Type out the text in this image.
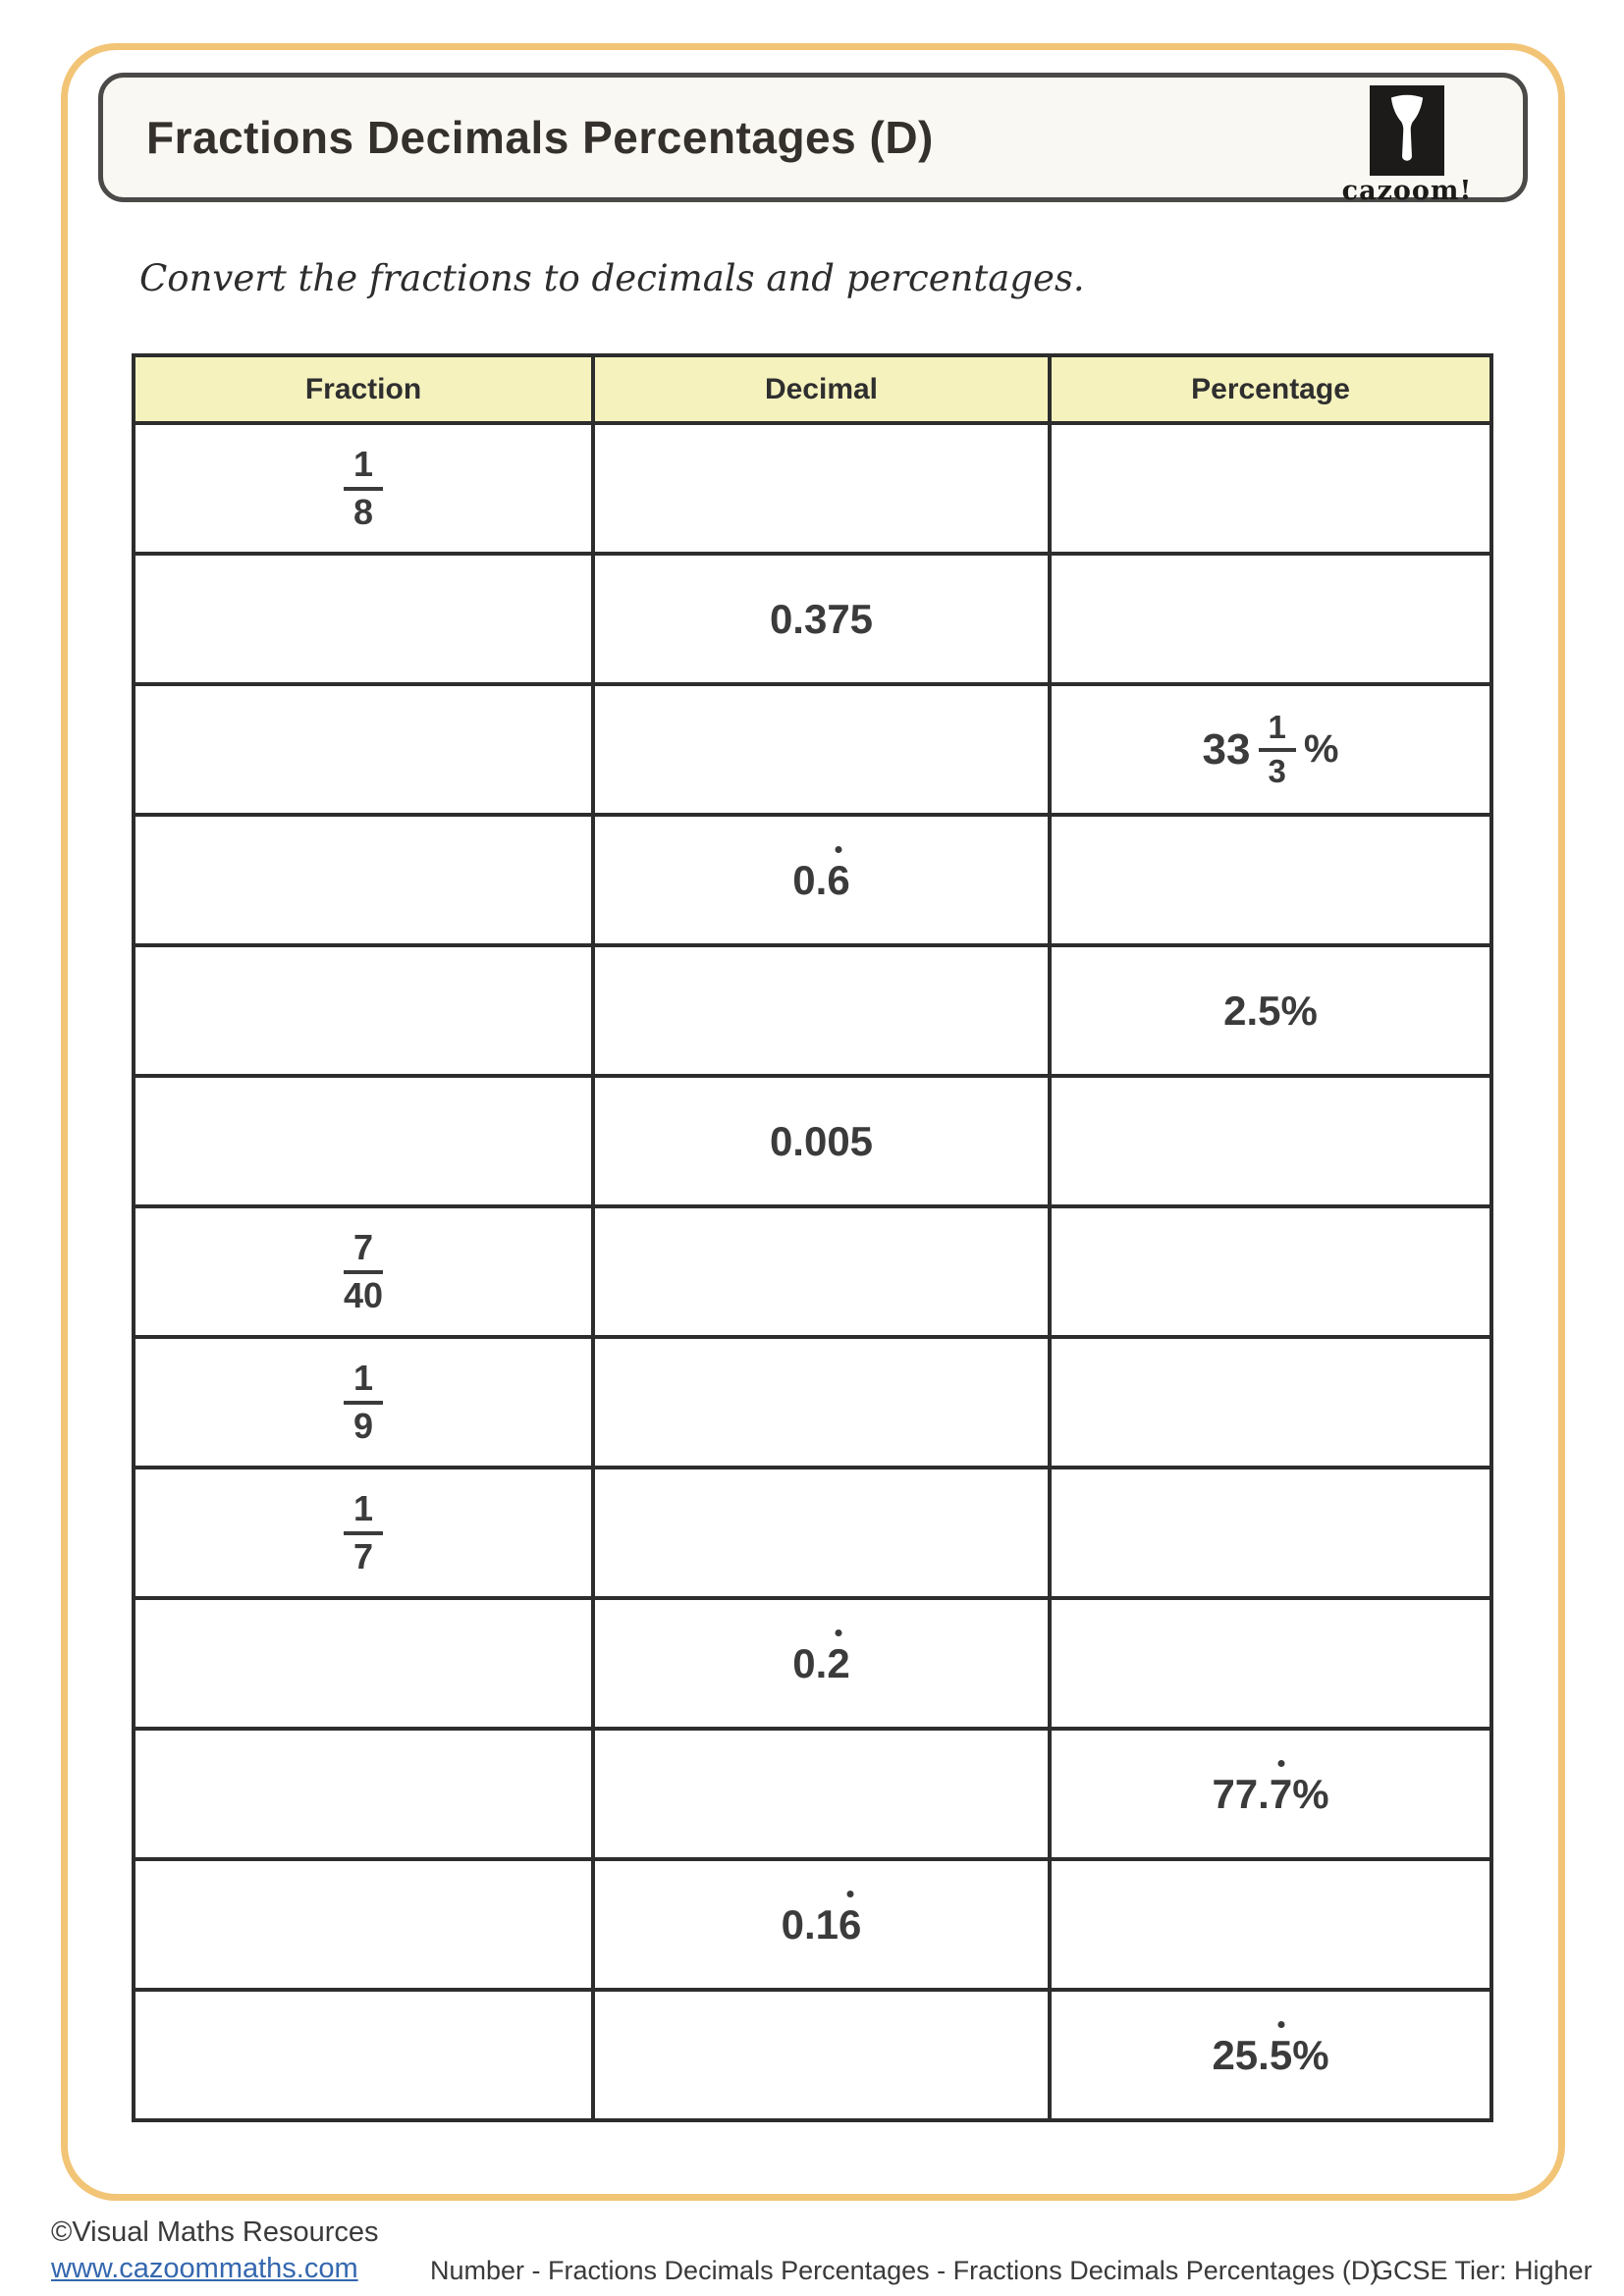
Fractions Decimals Percentages (D)
cazoom!

Convert the fractions to decimals and percentages.

Fraction	Decimal	Percentage

$\frac{1}{8}$

	0.375	

		$33 \frac{1}{3}$ %

	0.6	
		2.5%
	0.005	

$\frac{7}{40}$

$\frac{1}{9}$

$\frac{1}{7}$

	0.2	
		77.7%
	0.16	
		25.5%
©Visual Maths Resources
www.cazoommaths.com	Number - Fractions Decimals Percentages - Fractions Decimals Percentages (D)
GCSE Tier: Higher
